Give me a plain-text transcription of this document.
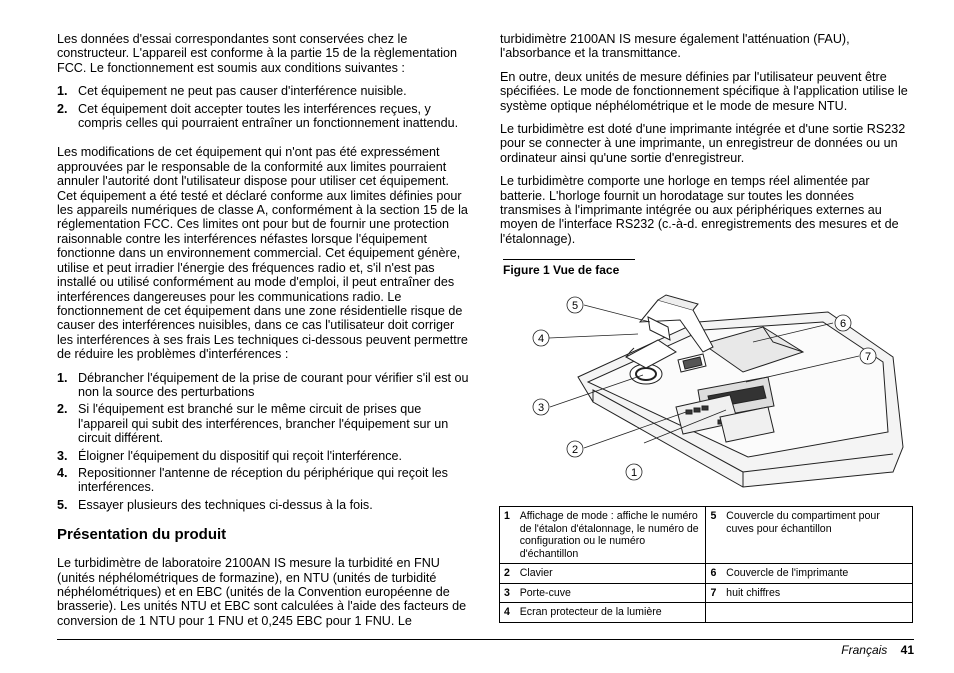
Les données d'essai correspondantes sont conservées chez le constructeur. L'appareil est conforme à la partie 15 de la règlementation FCC. Le fonctionnement est soumis aux conditions suivantes :

1. Cet équipement ne peut pas causer d'interférence nuisible.
2. Cet équipement doit accepter toutes les interférences reçues, y compris celles qui pourraient entraîner un fonctionnement inattendu.

Les modifications de cet équipement qui n'ont pas été expressément approuvées par le responsable de la conformité aux limites pourraient annuler l'autorité dont l'utilisateur dispose pour utiliser cet équipement. Cet équipement a été testé et déclaré conforme aux limites définies pour les appareils numériques de classe A, conformément à la section 15 de la réglementation FCC. Ces limites ont pour but de fournir une protection raisonnable contre les interférences néfastes lorsque l'équipement fonctionne dans un environnement commercial. Cet équipement génère, utilise et peut irradier l'énergie des fréquences radio et, s'il n'est pas installé ou utilisé conformément au mode d'emploi, il peut entraîner des interférences dangereuses pour les communications radio. Le fonctionnement de cet équipement dans une zone résidentielle risque de causer des interférences nuisibles, dans ce cas l'utilisateur doit corriger les interférences à ses frais Les techniques ci-dessous peuvent permettre de réduire les problèmes d'interférences :

1. Débrancher l'équipement de la prise de courant pour vérifier s'il est ou non la source des perturbations
2. Si l'équipement est branché sur le même circuit de prises que l'appareil qui subit des interférences, brancher l'équipement sur un circuit différent.
3. Éloigner l'équipement du dispositif qui reçoit l'interférence.
4. Repositionner l'antenne de réception du périphérique qui reçoit les interférences.
5. Essayer plusieurs des techniques ci-dessus à la fois.
Présentation du produit

Le turbidimètre de laboratoire 2100AN IS mesure la turbidité en FNU (unités néphélométriques de formazine), en NTU (unités de turbidité néphélométriques) et en EBC (unités de la Convention européenne de brasserie). Les unités NTU et EBC sont calculées à l'aide des facteurs de conversion de 1 NTU pour 1 FNU et 0,245 EBC pour 1 FNU. Le

turbidimètre 2100AN IS mesure également l'atténuation (FAU), l'absorbance et la transmittance.

En outre, deux unités de mesure définies par l'utilisateur peuvent être spécifiées. Le mode de fonctionnement spécifique à l'application utilise le système optique néphélométrique et le mode de mesure NTU.

Le turbidimètre est doté d'une imprimante intégrée et d'une sortie RS232 pour se connecter à une imprimante, un enregistreur de données ou un ordinateur ainsi qu'une sortie d'enregistreur.

Le turbidimètre comporte une horloge en temps réel alimentée par batterie. L'horloge fournit un horodatage sur toutes les données transmises à l'imprimante intégrée ou aux périphériques externes au moyen de l'interface RS232 (c.-à-d. enregistrements des mesures et de l'étalonnage).

Figure 1 Vue de face
1
2
3
4
5
6
7
1	Affichage de mode : affiche le numéro de l'étalon d'étalonnage, le numéro de configuration ou le numéro d'échantillon	5	Couvercle du compartiment pour cuves pour échantillon
2	Clavier	6	Couvercle de l'imprimante
3	Porte-cuve	7	huit chiffres
4	Ecran protecteur de la lumière		
Français 41
